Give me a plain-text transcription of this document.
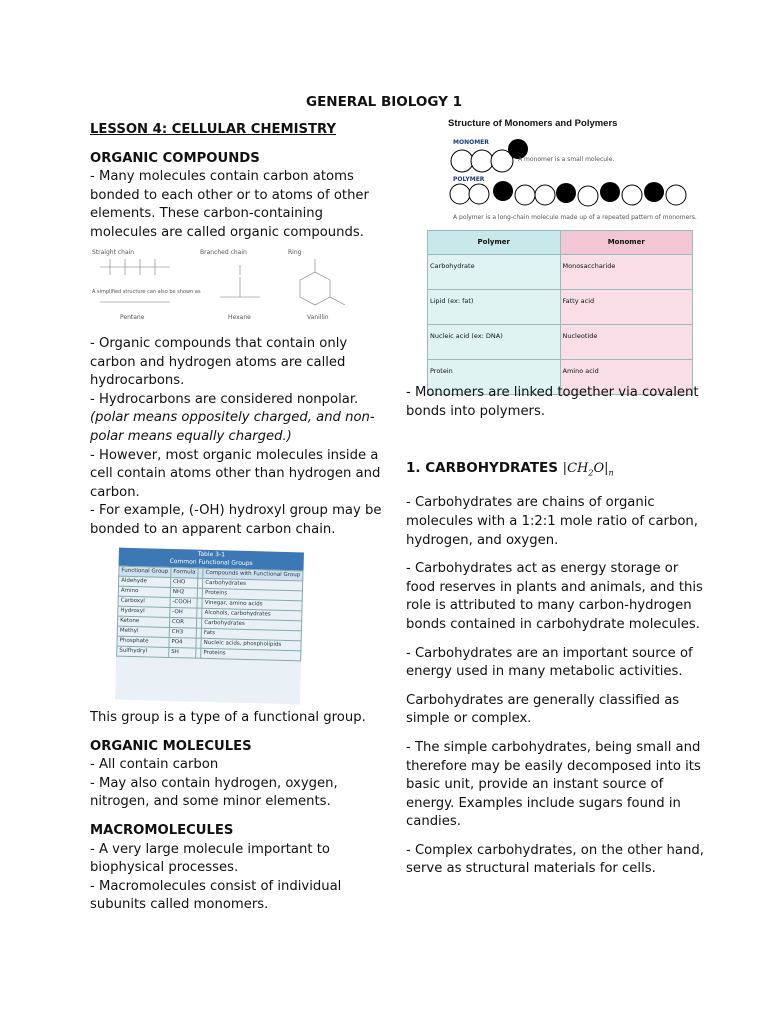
GENERAL BIOLOGY 1
LESSON 4: CELLULAR CHEMISTRY
ORGANIC COMPOUNDS

- Many molecules contain carbon atoms bonded to each other or to atoms of other elements. These carbon-containing molecules are called organic compounds.

Straight chain	Branched chain	Ring
A simplified structure can also be shown as
Pentane	Hexane	Vanillin

- Organic compounds that contain only carbon and hydrogen atoms are called hydrocarbons.

- Hydrocarbons are considered nonpolar.

(polar means oppositely charged, and non-polar means equally charged.)

- However, most organic molecules inside a cell contain atoms other than hydrogen and carbon.

- For example, (-OH) hydroxyl group may be bonded to an apparent carbon chain.

Table 3-1
Common Functional Groups
Functional Group	Formula		Compounds with Functional Group
Aldehyde	CHO		Carbohydrates
Amino	NH2		Proteins
Carboxyl	-COOH		Vinegar, amino acids
Hydroxyl	-OH		Alcohols, carbohydrates
Ketone	COR		Carbohydrates
Methyl	CH3		Fats
Phosphate	PO4		Nucleic acids, phospholipids
Sulfhydryl	SH		Proteins

This group is a type of a functional group.

ORGANIC MOLECULES

- All contain carbon

- May also contain hydrogen, oxygen, nitrogen, and some minor elements.

MACROMOLECULES

- A very large molecule important to biophysical processes.

- Macromolecules consist of individual subunits called monomers.

Structure of Monomers and Polymers
MONOMER
A monomer is a small molecule.
POLYMER
A polymer is a long-chain molecule made up of a repeated pattern of monomers.
Polymer	Monomer
Carbohydrate	Monosaccharide
Lipid (ex: fat)	Fatty acid
Nucleic acid (ex: DNA)	Nucleotide
Protein	Amino acid

- Monomers are linked together via covalent bonds into polymers.

1. CARBOHYDRATES $|CH_2O|_n$

- Carbohydrates are chains of organic molecules with a 1:2:1 mole ratio of carbon, hydrogen, and oxygen.

- Carbohydrates act as energy storage or food reserves in plants and animals, and this role is attributed to many carbon-hydrogen bonds contained in carbohydrate molecules.

- Carbohydrates are an important source of energy used in many metabolic activities.

Carbohydrates are generally classified as simple or complex.

- The simple carbohydrates, being small and therefore may be easily decomposed into its basic unit, provide an instant source of energy. Examples include sugars found in candies.

- Complex carbohydrates, on the other hand, serve as structural materials for cells.
